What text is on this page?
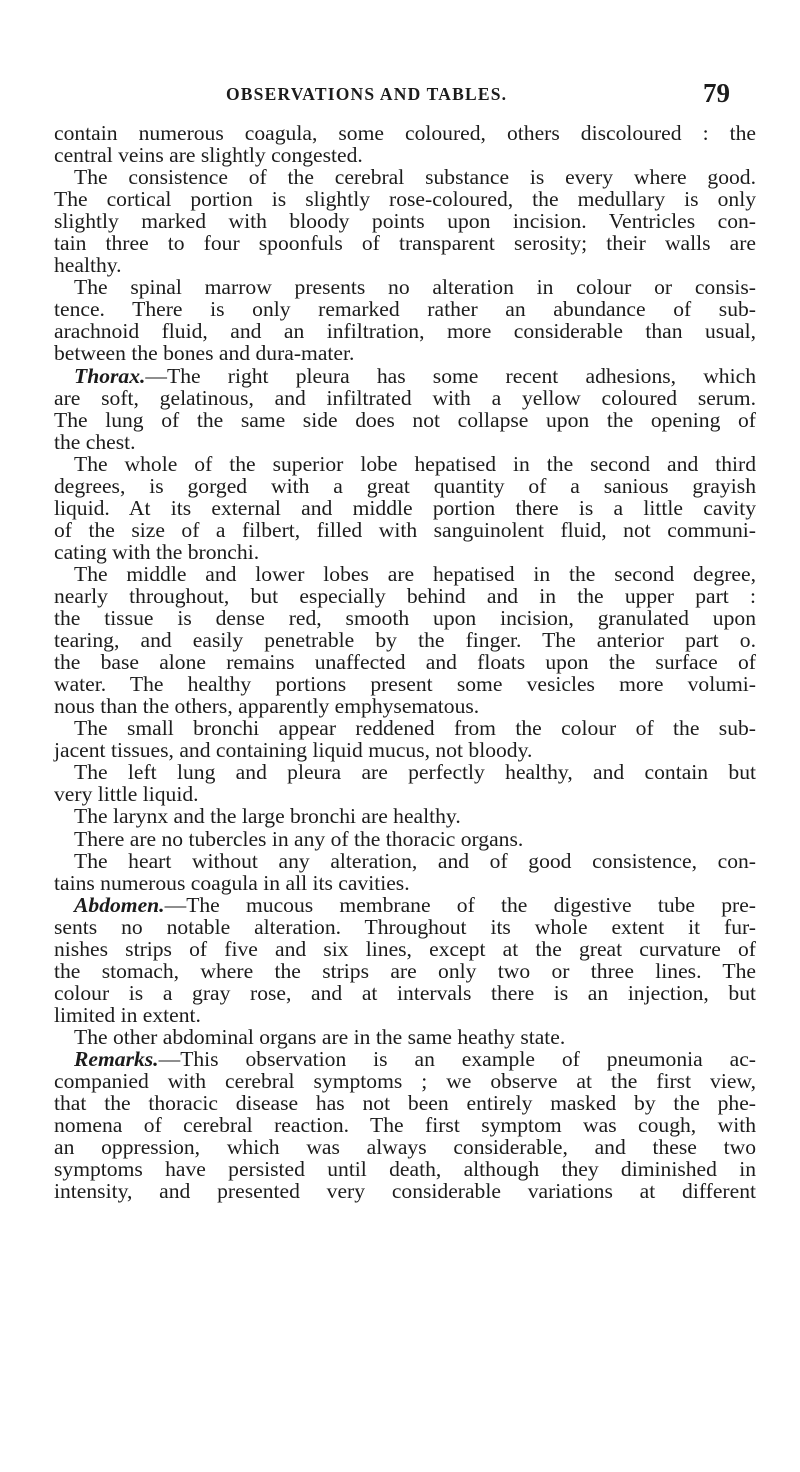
OBSERVATIONS AND TABLES.	79
contain numerous coagula, some coloured, others discoloured : the
central veins are slightly congested.
The consistence of the cerebral substance is every where good.
The cortical portion is slightly rose-coloured, the medullary is only
slightly marked with bloody points upon incision. Ventricles con-
tain three to four spoonfuls of transparent serosity; their walls are
healthy.
The spinal marrow presents no alteration in colour or consis-
tence. There is only remarked rather an abundance of sub-
arachnoid fluid, and an infiltration, more considerable than usual,
between the bones and dura-mater.
Thorax.—The right pleura has some recent adhesions, which
are soft, gelatinous, and infiltrated with a yellow coloured serum.
The lung of the same side does not collapse upon the opening of
the chest.
The whole of the superior lobe hepatised in the second and third
degrees, is gorged with a great quantity of a sanious grayish
liquid. At its external and middle portion there is a little cavity
of the size of a filbert, filled with sanguinolent fluid, not communi-
cating with the bronchi.
The middle and lower lobes are hepatised in the second degree,
nearly throughout, but especially behind and in the upper part :
the tissue is dense red, smooth upon incision, granulated upon
tearing, and easily penetrable by the finger. The anterior part o.
the base alone remains unaffected and floats upon the surface of
water. The healthy portions present some vesicles more volumi-
nous than the others, apparently emphysematous.
The small bronchi appear reddened from the colour of the sub-
jacent tissues, and containing liquid mucus, not bloody.
The left lung and pleura are perfectly healthy, and contain but
very little liquid.
The larynx and the large bronchi are healthy.
There are no tubercles in any of the thoracic organs.
The heart without any alteration, and of good consistence, con-
tains numerous coagula in all its cavities.
Abdomen.—The mucous membrane of the digestive tube pre-
sents no notable alteration. Throughout its whole extent it fur-
nishes strips of five and six lines, except at the great curvature of
the stomach, where the strips are only two or three lines. The
colour is a gray rose, and at intervals there is an injection, but
limited in extent.
The other abdominal organs are in the same heathy state.
Remarks.—This observation is an example of pneumonia ac-
companied with cerebral symptoms ; we observe at the first view,
that the thoracic disease has not been entirely masked by the phe-
nomena of cerebral reaction. The first symptom was cough, with
an oppression, which was always considerable, and these two
symptoms have persisted until death, although they diminished in
intensity, and presented very considerable variations at different
